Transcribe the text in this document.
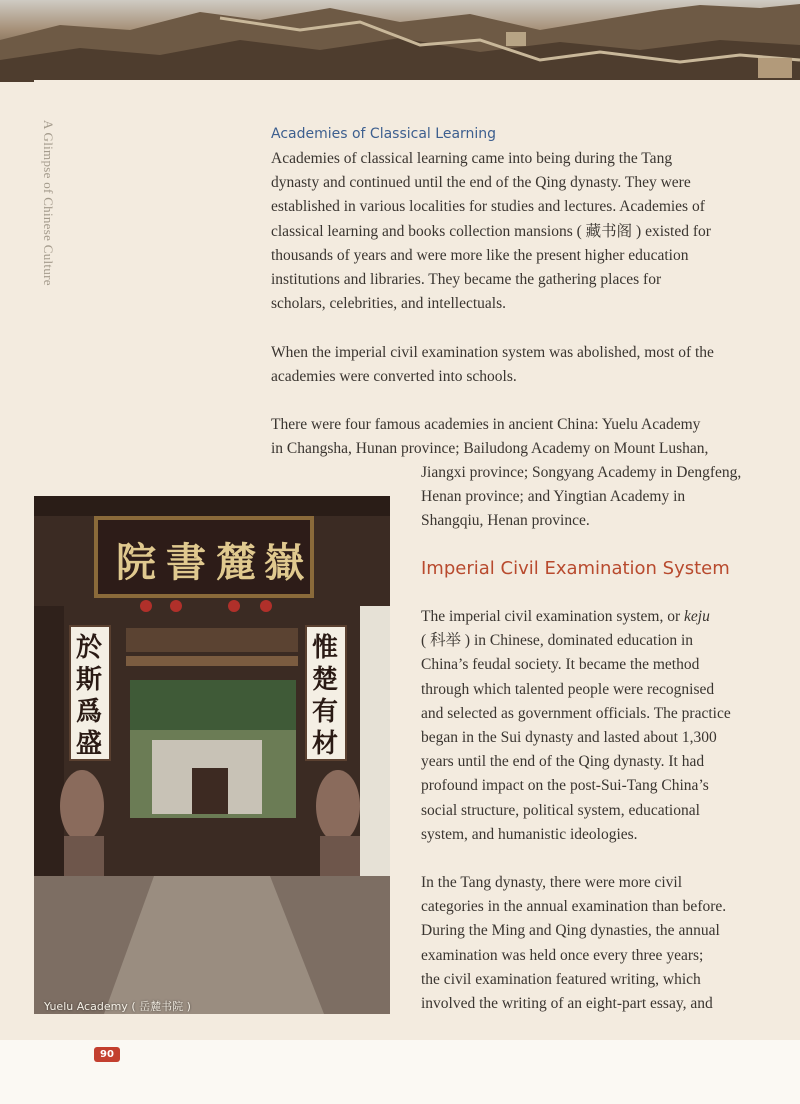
A Glimpse of Chinese Culture	Academies of Classical Learning
Academies of classical learning came into being during the Tang
dynasty and continued until the end of the Qing dynasty. They were
established in various localities for studies and lectures. Academies of
classical learning and books collection mansions ( 藏书阁 ) existed for
thousands of years and were more like the present higher education
institutions and libraries. They became the gathering places for
scholars, celebrities, and intellectuals.
When the imperial civil examination system was abolished, most of the
academies were converted into schools.
There were four famous academies in ancient China: Yuelu Academy
in Changsha, Hunan province; Bailudong Academy on Mount Lushan,
Jiangxi province; Songyang Academy in Dengfeng,
Henan province; and Yingtian Academy in
Shangqiu, Henan province.
Imperial Civil Examination System
The imperial civil examination system, or keju
( 科举 ) in Chinese, dominated education in
China’s feudal society. It became the method
through which talented people were recognised
and selected as government officials. The practice
began in the Sui dynasty and lasted about 1,300
years until the end of the Qing dynasty. It had
profound impact on the post-Sui-Tang China’s
social structure, political system, educational
system, and humanistic ideologies.
In the Tang dynasty, there were more civil
categories in the annual examination than before.
During the Ming and Qing dynasties, the annual
examination was held once every three years;
the civil examination featured writing, which
involved the writing of an eight-part essay, and
院 書 麓 嶽
於
斯
爲
盛
惟
楚
有
材
Yuelu Academy ( 岳麓书院 )
90
